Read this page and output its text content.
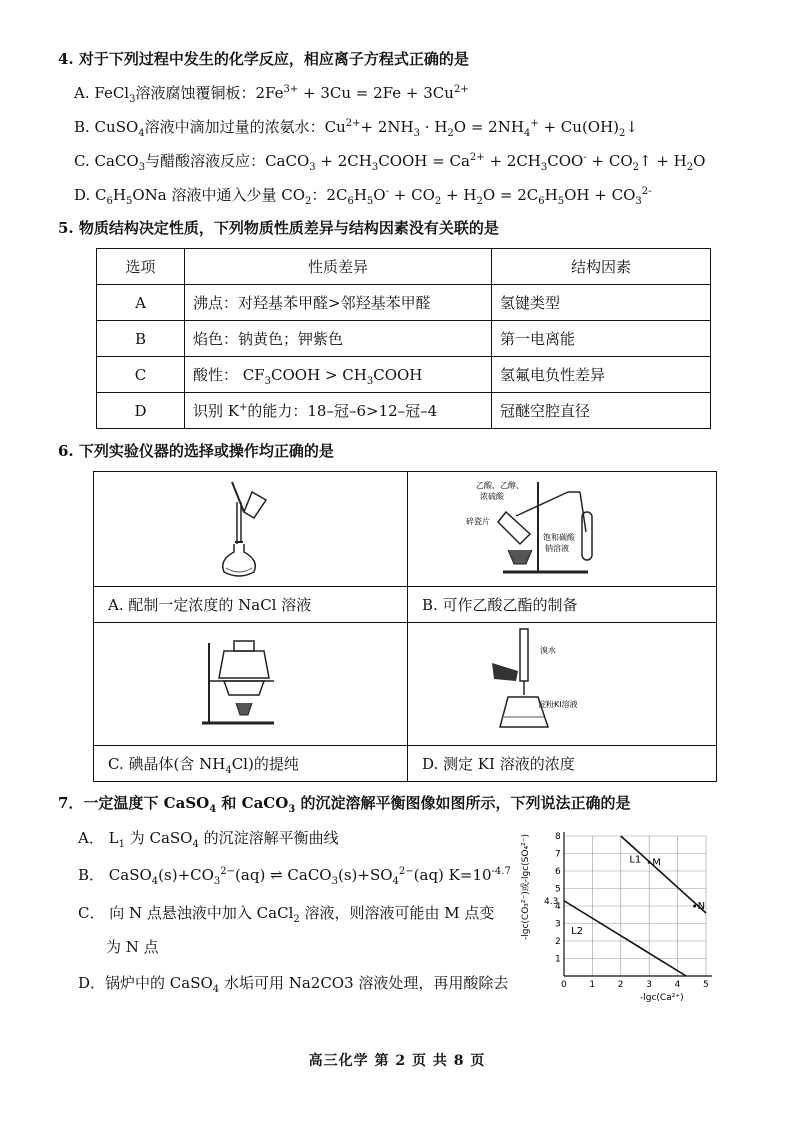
4. 对于下列过程中发生的化学反应，相应离子方程式正确的是
A. FeCl$_3$溶液腐蚀覆铜板：$2Fe^{3+} + 3Cu = 2Fe + 3Cu^{2+}$
B. CuSO$_4$溶液中滴加过量的浓氨水：$Cu^{2+}+ 2NH_3 \cdot H_2O = 2NH_4^+$ + $Cu(OH)_2↓$
C. CaCO$_3$与醋酸溶液反应：CaCO$_3$ + $2CH_3COOH = Ca^{2+} + 2CH_3COO^-$ + $CO_2↑ + H_2O$
D. $C_6H_5ONa$ 溶液中通入少量 $CO_2$：$2C_6H_5O^- + CO_2 + H_2O = 2C_6H_5OH + CO_3^{2-}$
5. 物质结构决定性质，下列物质性质差异与结构因素没有关联的是
选项	性质差异	结构因素
A	沸点：对羟基苯甲醛>邻羟基苯甲醛	氢键类型
B	焰色：钠黄色；钾紫色	第一电离能
C	酸性： $CF_3COOH$ > $CH_3COOH$	氢氟电负性差异
D	识别 K+的能力：18–冠–6>12–冠–4	冠醚空腔直径
6. 下列实验仪器的选择或操作均正确的是

乙酸、乙醇、
浓硫酸
碎瓷片
饱和碳酸
钠溶液

A. 配制一定浓度的 NaCl 溶液	B. 可作乙酸乙酯的制备

溴水
淀粉KI溶液

C. 碘晶体(含 $NH_4Cl$)的提纯	D. 测定 KI 溶液的浓度
7．一定温度下 CaSO$_4$ 和 CaCO$_3$ 的沉淀溶解平衡图像如图所示，下列说法正确的是
A． $L_1$ 为 CaSO$_4$ 的沉淀溶解平衡曲线
B． $CaSO_4(s)+CO_3^{2-}(aq)$ ⇌ $CaCO_3(s)+SO_4^{2-}(aq)$ $K=10^{-4.7}$
C． 向 N 点悬浊液中加入 CaCl$_2$ 溶液，则溶液可能由 M 点变
为 N 点
D．锅炉中的 CaSO$_4$ 水垢可用 Na2CO3 溶液处理，再用酸除去	0	1	2	3	4	5
1
2
3
4
5
6
7
8
4.3
L1
L2
M
N
-lgc(CO₃²⁻)或-lgc(SO₄²⁻)
-lgc(Ca²⁺)
高三化学 第 2 页 共 8 页
